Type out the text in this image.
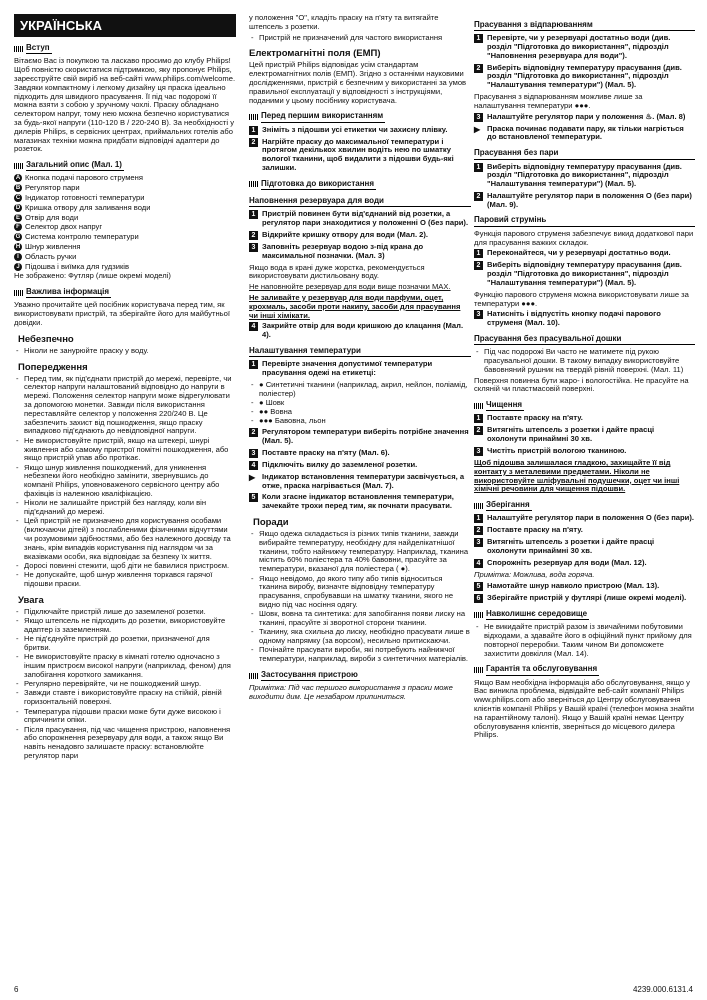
УКРАЇНСЬКА
Вступ

Вітаємо Вас із покупкою та ласкаво просимо до клубу Philips! Щоб повністю скористатися підтримкою, яку пропонує Philips, зареєструйте свій виріб на веб-сайті www.philips.com/welcome. Завдяки компактному і легкому дизайну ця праска ідеально підходить для швидкого прасування. Її під час подорожі її можна взяти з собою у зручному чохлі. Праску обладнано селектором напруг, тому нею можна безпечно користуватися за будь-якої напруги (110-120 В / 220-240 В). За необхідності у дилерів Philips, в сервісних центрах, приймальних готелів або магазинах техніки можна придбати відповідні адаптери до розеток.

Загальний опис (Мал. 1)
A Кнопка подачі парового струменя
B Регулятор пари
C Індикатор готовності температури
D Кришка отвору для заливання води
E Отвір для води
F Селектор двох напруг
G Система контролю температури
H Шнур живлення
I Область ручки
J Підошва і виїмка для гудзиків

Не зображено: Футляр (лише окремі моделі)

Важлива інформація

Уважно прочитайте цей посібник користувача перед тим, як використовувати пристрій, та зберігайте його для майбутньої довідки.

Небезпечно
- Ніколи не занурюйте праску у воду.
Попередження
- Перед тим, як під'єднати пристрій до мережі, перевірте, чи селектор напруги налаштований відповідно до напруги в мережі. Положення селектор напруги може відрегулювати за допомогою монетки. Завжди після використання переставляйте селектор у положення 220/240 В. Це забезпечить захист від пошкодження, якщо праску випадково під'єднають до невідповідної напруги.
- Не використовуйте пристрій, якщо на штекері, шнурі живлення або самому пристрої помітні пошкодження, або якщо пристрій упав або протікає.
- Якщо шнур живлення пошкоджений, для уникнення небезпеки його необхідно замінити, звернувшись до компанії Philips, уповноваженого сервісного центру або фахівців із належною кваліфікацією.
- Ніколи не залишайте пристрій без нагляду, коли він під'єднаний до мережі.
- Цей пристрій не призначено для користування особами (включаючи дітей) з послабленими фізичними відчуттями чи розумовими здібностями, або без належного досвіду та знань, крім випадків користування під наглядом чи за вказівками особи, яка відповідає за безпеку їх життя.
- Доросі повинні стежити, щоб діти не бавилися пристроєм.
- Не допускайте, щоб шнур живлення торкався гарячої підошви праски.
Увага
- Підключайте пристрій лише до заземленої розетки.
- Якщо штепсель не підходить до розетки, використовуйте адаптер із заземленням.
- Не під'єднуйте пристрій до розетки, призначеної для бритви.
- Не використовуйте праску в кімнаті готелю одночасно з іншим пристроєм високої напруги (наприклад, феном) для запобігання короткого замикання.
- Регулярно перевіряйте, чи не пошкоджений шнур.
- Завжди ставте і використовуйте праску на стійкій, рівній горизонтальній поверхні.
- Температура підошви праски може бути дуже високою і спричинити опіки.
- Після прасування, під час чищення пристрою, наповнення або спорожнення резервуару для води, а також якщо Ви навіть ненадовго залишаєте праску: встановлюйте регулятор пари

у положення "О", кладіть праску на п'яту та витягайте штепсель з розетки.

- Пристрій не призначений для частого використання
Електромагнітні поля (ЕМП)

Цей пристрій Philips відповідає усім стандартам електромагнітних полів (ЕМП). Згідно з останніми науковими дослідженнями, пристрій є безпечним у використанні за умов правильної експлуатації у відповідності з інструкціями, поданими у цьому посібнику користувача.

Перед першим використанням
1 Зніміть з підошви усі етикетки чи захисну плівку.
2 Нагрійте праску до максимальної температури і протягом декількох хвилин водіть нею по шматку вологої тканини, щоб видалити з підошви будь-які залишки.
Підготовка до використання
Наповнення резервуара для води
1 Пристрій повинен бути від'єднаний від розетки, а регулятор пари знаходитися у положенні О (без пари).
2 Відкрийте кришку отвору для води (Мал. 2).
3 Заповніть резервуар водою з-під крана до максимальної позначки. (Мал. 3)

Якщо вода в крані дуже жорстка, рекомендується використовувати дистильовану воду.

Не наповнюйте резервуар для води вище позначки MAX.

Не заливайте у резервуар для води парфуми, оцет, крохмаль, засоби проти накипу, засоби для прасування чи інші хімікати.

4 Закрийте отвір для води кришкою до клацання (Мал. 4).
Налаштування температури
1 Перевірте значення допустимої температури прасування одежі на етикетці:
- ● Синтетичні тканини (наприклад, акрил, нейлон, поліамід, поліестер)
- ● Шовк
- ●● Вовна
- ●●● Бавовна, льон
2 Регулятором температури виберіть потрібне значення (Мал. 5).
3 Поставте праску на п'яту (Мал. 6).
4 Підключіть вилку до заземленої розетки.
▶ Індикатор встановлення температури засвічується, а отже, праска нагрівається (Мал. 7).
5 Коли згасне індикатор встановлення температури, зачекайте трохи перед тим, як почнати прасувати.
Поради
- Якщо одежа складається із різних типів тканини, завжди вибирайте температуру, необхідну для найделікатнішої тканини, тобто найнижчу температуру. Наприклад, тканина містить 60% поліестера та 40% бавовни, прасуйте за температури, вказаної для поліестера ( ●).
- Якщо невідомо, до якого типу або типів відноситься тканина виробу, визначте відповідну температуру прасування, спробувавши на шматку тканини, якого не видно під час носіння одягу.
- Шовк, вовна та синтетика: для запобігання появи лиску на тканині, прасуйте зі зворотної сторони тканини.
- Тканину, яка схильна до лиску, необхідно прасувати лише в одному напрямку (за ворсом), несильно притискаючи.
- Почінайте прасувати вироби, які потребують найнижчої температури, наприклад, вироби з синтетичних матеріалів.
Застосування пристрою

Примітка: Під час першого використання з праски може виходити дим. Це незабаром припиниться.

Прасування з відпарюванням
1 Перевірте, чи у резервуарі достатньо води (див. розділ "Підготовка до використання", підрозділ "Наповнення резервуара для води").
2 Виберіть відповідну температуру прасування (див. розділ "Підготовка до використання", підрозділ "Налаштування температури") (Мал. 5).

Прасування з відпарюванням можливе лише за налаштування температури ●●●.

3 Налаштуйте регулятор пари у положення ♨. (Мал. 8)
▶ Праска починає подавати пару, як тільки нагріється до встановленої температури.
Прасування без пари
1 Виберіть відповідну температуру прасування (див. розділ "Підготовка до використання", підрозділ "Налаштування температури") (Мал. 5).
2 Налаштуйте регулятор пари в положення О (без пари) (Мал. 9).
Паровий струмінь

Функція парового струменя забезпечує викид додаткової пари для прасування важких складок.

1 Переконайтеся, чи у резервуарі достатньо води.
2 Виберіть відповідну температуру прасування (див. розділ "Підготовка до використання", підрозділ "Налаштування температури") (Мал. 5).

Функцію парового струменя можна використовувати лише за температури ●●●.

3 Натисніть і відпустіть кнопку подачі парового струменя (Мал. 10).
Прасування без прасувальної дошки
- Під час подорожі Ви часто не матимете під рукою прасувальної дошки. В такому випадку використовуйте бавовняний рушник на твердій рівній поверхні. (Мал. 11)

Поверхня повинна бути жаро- і вологостійка. Не прасуйте на скляній чи пластмасовій поверхні.

Чищення
1 Поставте праску на п'яту.
2 Витягніть штепсель з розетки і дайте прасці охолонути принаймні 30 хв.
3 Чистіть пристрій вологою тканиною.

Щоб підошва залишалася гладкою, захищайте її від контакту з металевими предметами. Ніколи не використовуйте шліфувальні подушечки, оцет чи інші хімічні речовини для чищення підошви.

Зберігання
1 Налаштуйте регулятор пари в положення О (без пари).
2 Поставте праску на п'яту.
3 Витягніть штепсель з розетки і дайте прасці охолонути принаймні 30 хв.
4 Спорожніть резервуар для води (Мал. 12).

Примітка: Можлива, вода горяча.

5 Намотайте шнур навколо пристрою (Мал. 13).
6 Зберігайте пристрій у футлярі (лише окремі моделі).
Навколишнє середовище
- Не викидайте пристрій разом із звичайними побутовими відходами, а здавайте його в офіційний пункт прийому для повторної переробки. Таким чином Ви допоможете захистити довкілля (Мал. 14).
Гарантія та обслуговування

Якщо Вам необхідна інформація або обслуговування, якщо у Вас виникла проблема, відвідайте веб-сайт компанії Philips www.philips.com або зверніться до Центру обслуговування клієнтів компанії Philips у Вашій країні (телефон можна знайти на гарантійному талоні). Якщо у Вашій країні немає Центру обслуговування клієнтів, зверніться до місцевого дилера Philips.

6	4239.000.6131.4
